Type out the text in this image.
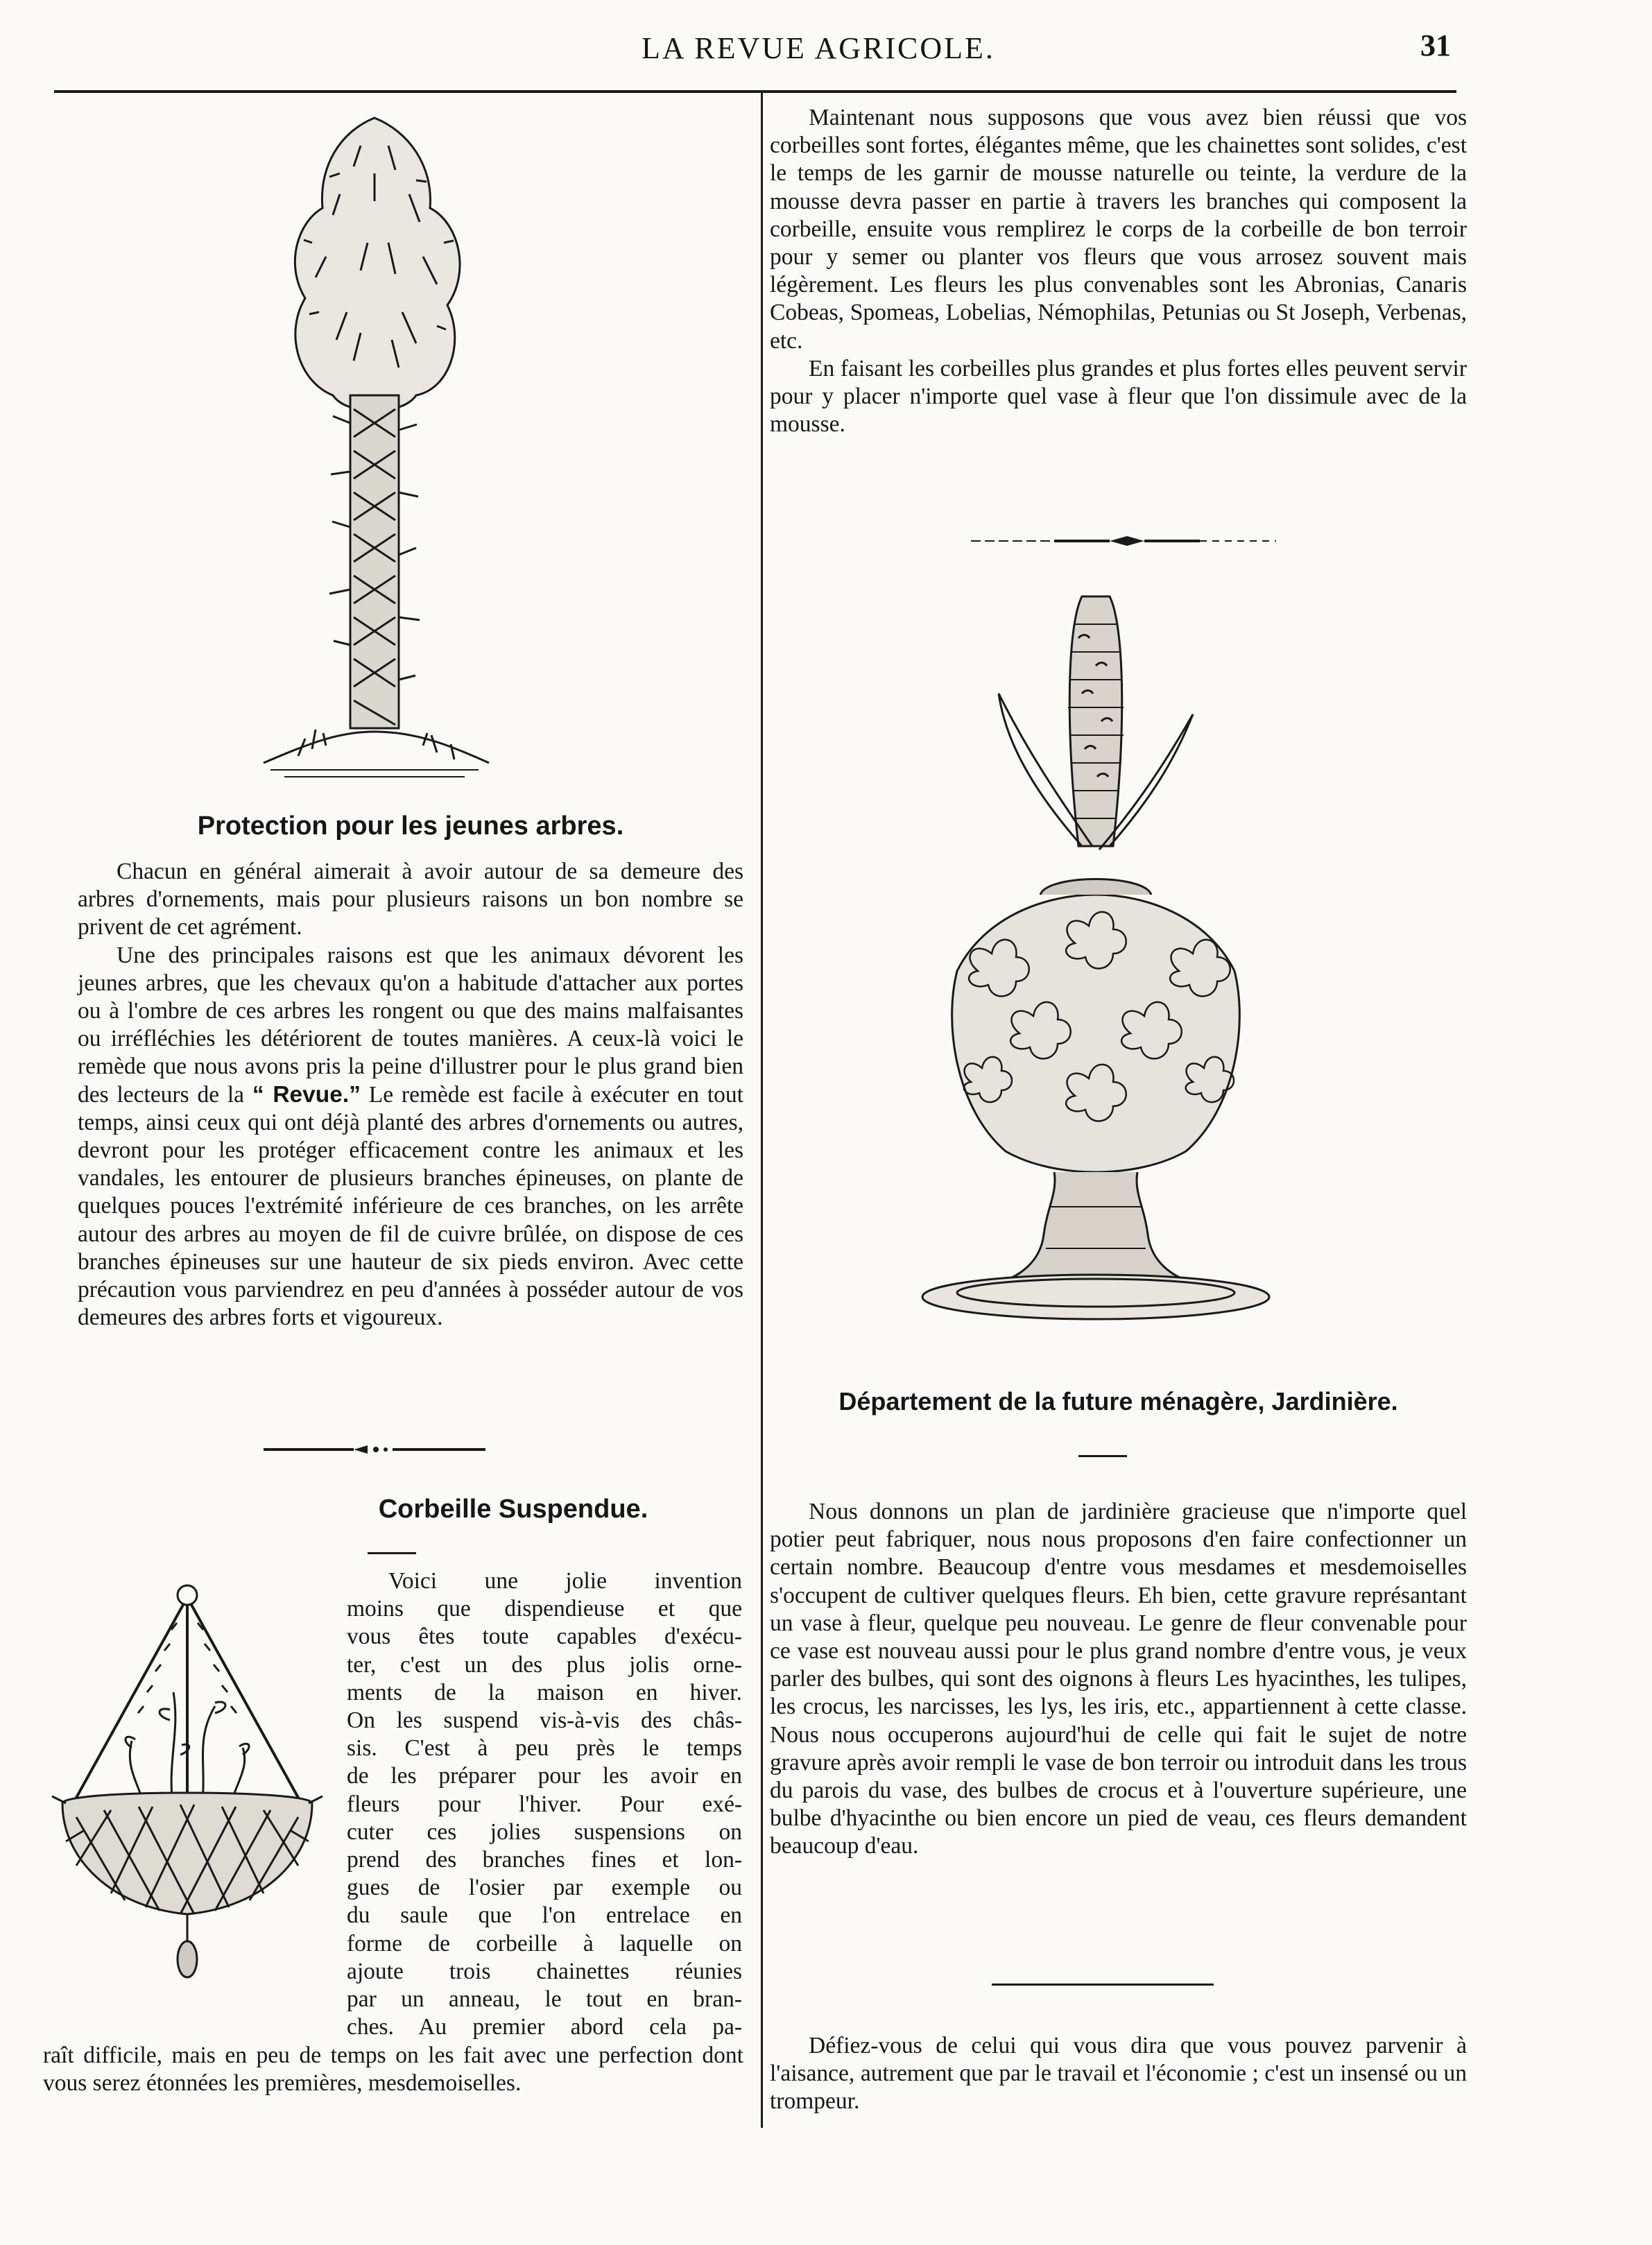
LA REVUE AGRICOLE.	31
Protection pour les jeunes arbres.

Chacun en général aimerait à avoir autour de sa demeure des arbres d'ornements, mais pour plusieurs raisons un bon nombre se privent de cet agrément.

Une des principales raisons est que les animaux dévorent les jeunes arbres, que les chevaux qu'on a habitude d'attacher aux portes ou à l'ombre de ces arbres les rongent ou que des mains malfaisantes ou irréfléchies les détériorent de toutes manières. A ceux-là voici le remède que nous avons pris la peine d'illustrer pour le plus grand bien des lecteurs de la “ Revue.” Le remède est facile à exécuter en tout temps, ainsi ceux qui ont déjà planté des arbres d'ornements ou autres, devront pour les protéger efficacement contre les animaux et les vandales, les entourer de plusieurs branches épineuses, on plante de quelques pouces l'extrémité inférieure de ces branches, on les arrête autour des arbres au moyen de fil de cuivre brûlée, on dispose de ces branches épineuses sur une hauteur de six pieds environ. Avec cette précaution vous parviendrez en peu d'années à posséder autour de vos demeures des arbres forts et vigoureux.

Corbeille Suspendue.
Voici une jolie invention
moins que dispendieuse et que
vous êtes toute capables d'exécu-
ter, c'est un des plus jolis orne-
ments de la maison en hiver.
On les suspend vis-à-vis des châs-
sis. C'est à peu près le temps
de les préparer pour les avoir en
fleurs pour l'hiver. Pour exé-
cuter ces jolies suspensions on
prend des branches fines et lon-
gues de l'osier par exemple ou
du saule que l'on entrelace en
forme de corbeille à laquelle on
ajoute trois chainettes réunies
par un anneau, le tout en bran-
ches. Au premier abord cela pa-

raît difficile, mais en peu de temps on les fait avec une perfection dont vous serez étonnées les premières, mesdemoiselles.

Maintenant nous supposons que vous avez bien réussi que vos corbeilles sont fortes, élégantes même, que les chainettes sont solides, c'est le temps de les garnir de mousse naturelle ou teinte, la verdure de la mousse devra passer en partie à travers les branches qui composent la corbeille, ensuite vous remplirez le corps de la corbeille de bon terroir pour y semer ou planter vos fleurs que vous arrosez souvent mais légèrement. Les fleurs les plus convenables sont les Abronias, Canaris Cobeas, Spomeas, Lobelias, Némophilas, Petunias ou St Joseph, Verbenas, etc.

En faisant les corbeilles plus grandes et plus fortes elles peuvent servir pour y placer n'importe quel vase à fleur que l'on dissimule avec de la mousse.

Département de la future ménagère, Jardinière.

Nous donnons un plan de jardinière gracieuse que n'importe quel potier peut fabriquer, nous nous proposons d'en faire confectionner un certain nombre. Beaucoup d'entre vous mesdames et mesdemoiselles s'occupent de cultiver quelques fleurs. Eh bien, cette gravure représantant un vase à fleur, quelque peu nouveau. Le genre de fleur convenable pour ce vase est nouveau aussi pour le plus grand nombre d'entre vous, je veux parler des bulbes, qui sont des oignons à fleurs Les hyacinthes, les tulipes, les crocus, les narcisses, les lys, les iris, etc., appartiennent à cette classe. Nous nous occuperons aujourd'hui de celle qui fait le sujet de notre gravure après avoir rempli le vase de bon terroir ou introduit dans les trous du parois du vase, des bulbes de crocus et à l'ouverture supérieure, une bulbe d'hyacinthe ou bien encore un pied de veau, ces fleurs demandent beaucoup d'eau.

Défiez-vous de celui qui vous dira que vous pouvez parvenir à l'aisance, autrement que par le travail et l'économie ; c'est un insensé ou un trompeur.
